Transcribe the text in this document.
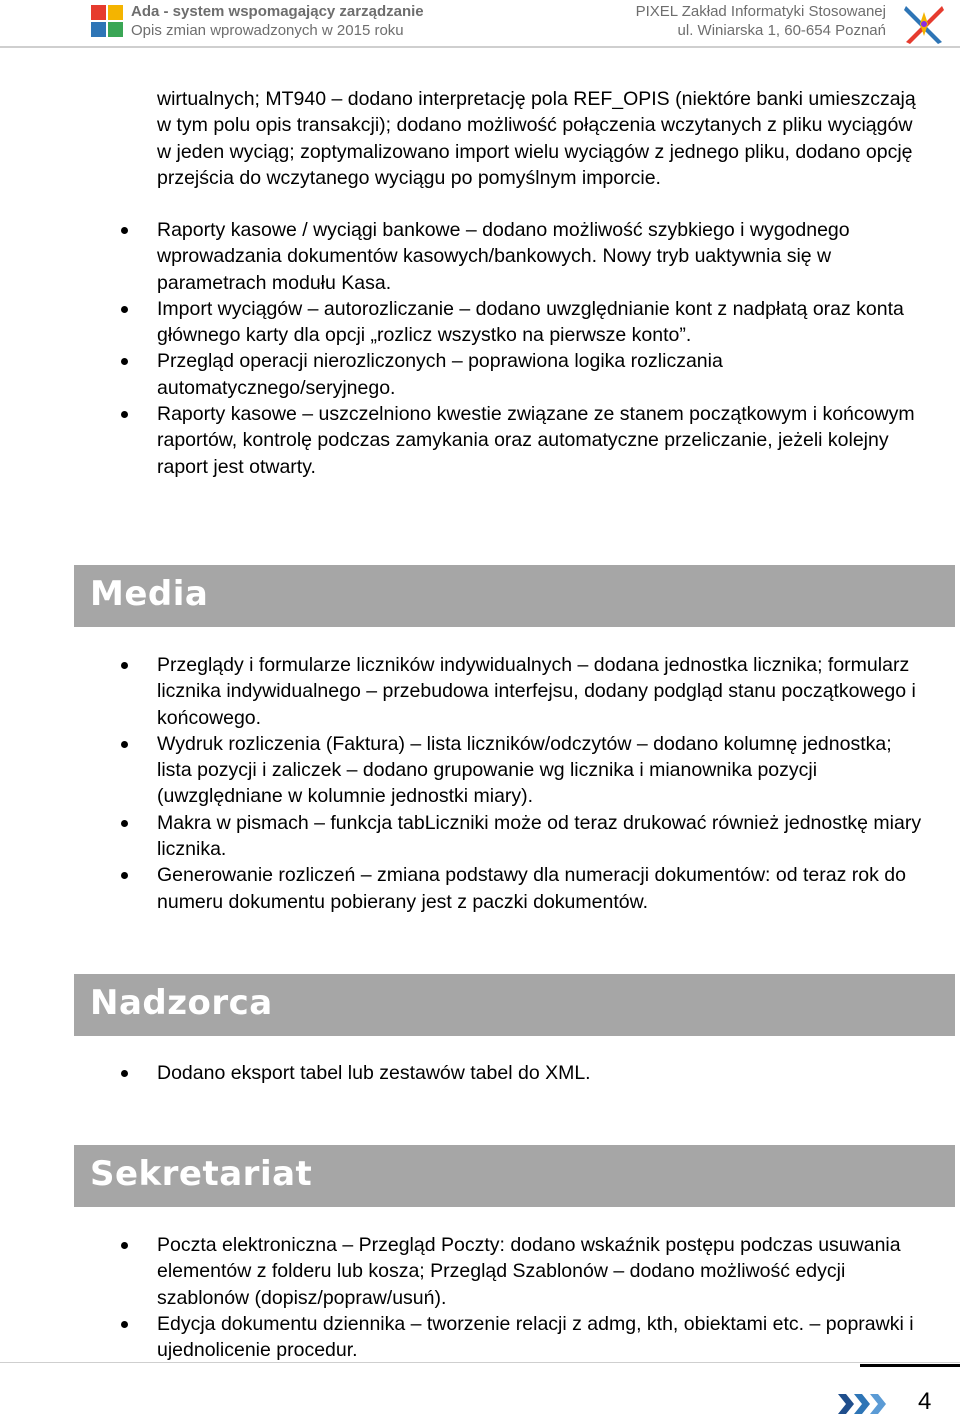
Ada - system wspomagający zarządzanie
Opis zmian wprowadzonych w 2015 roku
PIXEL Zakład Informatyki Stosowanej
ul. Winiarska 1, 60-654 Poznań
wirtualnych; MT940 – dodano interpretację pola REF_OPIS (niektóre banki umieszczają w tym polu opis transakcji); dodano możliwość połączenia wczytanych z pliku wyciągów w jeden wyciąg; zoptymalizowano import wielu wyciągów z jednego pliku, dodano opcję przejścia do wczytanego wyciągu po pomyślnym imporcie.
Raporty kasowe / wyciągi bankowe – dodano możliwość szybkiego i wygodnego wprowadzania dokumentów kasowych/bankowych. Nowy tryb uaktywnia się w parametrach modułu Kasa.
Import wyciągów – autorozliczanie – dodano uwzględnianie kont z nadpłatą oraz konta głównego karty dla opcji „rozlicz wszystko na pierwsze konto”.
Przegląd operacji nierozliczonych – poprawiona logika rozliczania automatycznego/seryjnego.
Raporty kasowe – uszczelniono kwestie związane ze stanem początkowym i końcowym raportów, kontrolę podczas zamykania oraz automatyczne przeliczanie, jeżeli kolejny raport jest otwarty.
Media
Przeglądy i formularze liczników indywidualnych – dodana jednostka licznika; formularz licznika indywidualnego – przebudowa interfejsu, dodany podgląd stanu początkowego i końcowego.
Wydruk rozliczenia (Faktura) – lista liczników/odczytów – dodano kolumnę jednostka; lista pozycji i zaliczek – dodano grupowanie wg licznika i mianownika pozycji (uwzględniane w kolumnie jednostki miary).
Makra w pismach – funkcja tabLiczniki może od teraz drukować również jednostkę miary licznika.
Generowanie rozliczeń – zmiana podstawy dla numeracji dokumentów: od teraz rok do numeru dokumentu pobierany jest z paczki dokumentów.
Nadzorca
Dodano eksport tabel lub zestawów tabel do XML.
Sekretariat
Poczta elektroniczna – Przegląd Poczty: dodano wskaźnik postępu podczas usuwania elementów z folderu lub kosza; Przegląd Szablonów – dodano możliwość edycji szablonów (dopisz/popraw/usuń).
Edycja dokumentu dziennika – tworzenie relacji z admg, kth, obiektami etc. – poprawki i ujednolicenie procedur.
4
